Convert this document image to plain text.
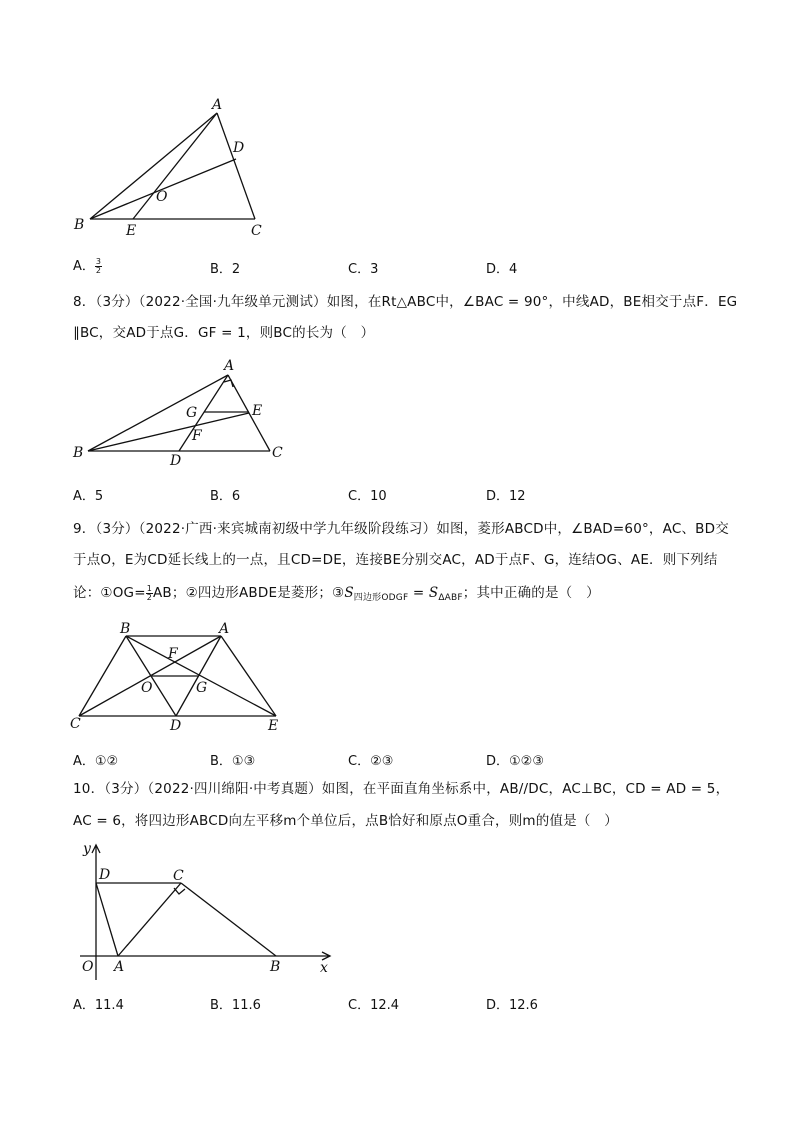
A
D
O
B	E	C
A． $\frac{3}{2}$	B．2	C．3	D．4
8．（3分）（2022·全国·九年级单元测试）如图，在Rt△ABC中，∠BAC = 90°，中线AD，BE相交于点F．EG
∥BC，交AD于点G．GF = 1，则BC的长为（　）
A
G	E
F
B	D	C
A．5	B．6	C．10	D．12
9．（3分）（2022·广西·来宾城南初级中学九年级阶段练习）如图，菱形ABCD中，∠BAD=60°，AC、BD交
于点O，E为CD延长线上的一点，且CD=DE，连接BE分别交AC，AD于点F、G，连结OG、AE．则下列结
论：①OG= $\frac{1}{2}$ AB；②四边形ABDE是菱形；$③S_{四边形ODGF} = S_{\Delta ABF}$；其中正确的是（　）
B	A
F
O	G
C	D	E
A．①②	B．①③	C．②③	D．①②③
10．（3分）（2022·四川绵阳·中考真题）如图，在平面直角坐标系中，AB//DC，AC⊥BC，CD = AD = 5，
AC = 6，将四边形ABCD向左平移m个单位后，点B恰好和原点O重合，则m的值是（　）
y
D	C
O A	B	x
A．11.4	B．11.6	C．12.4	D．12.6
